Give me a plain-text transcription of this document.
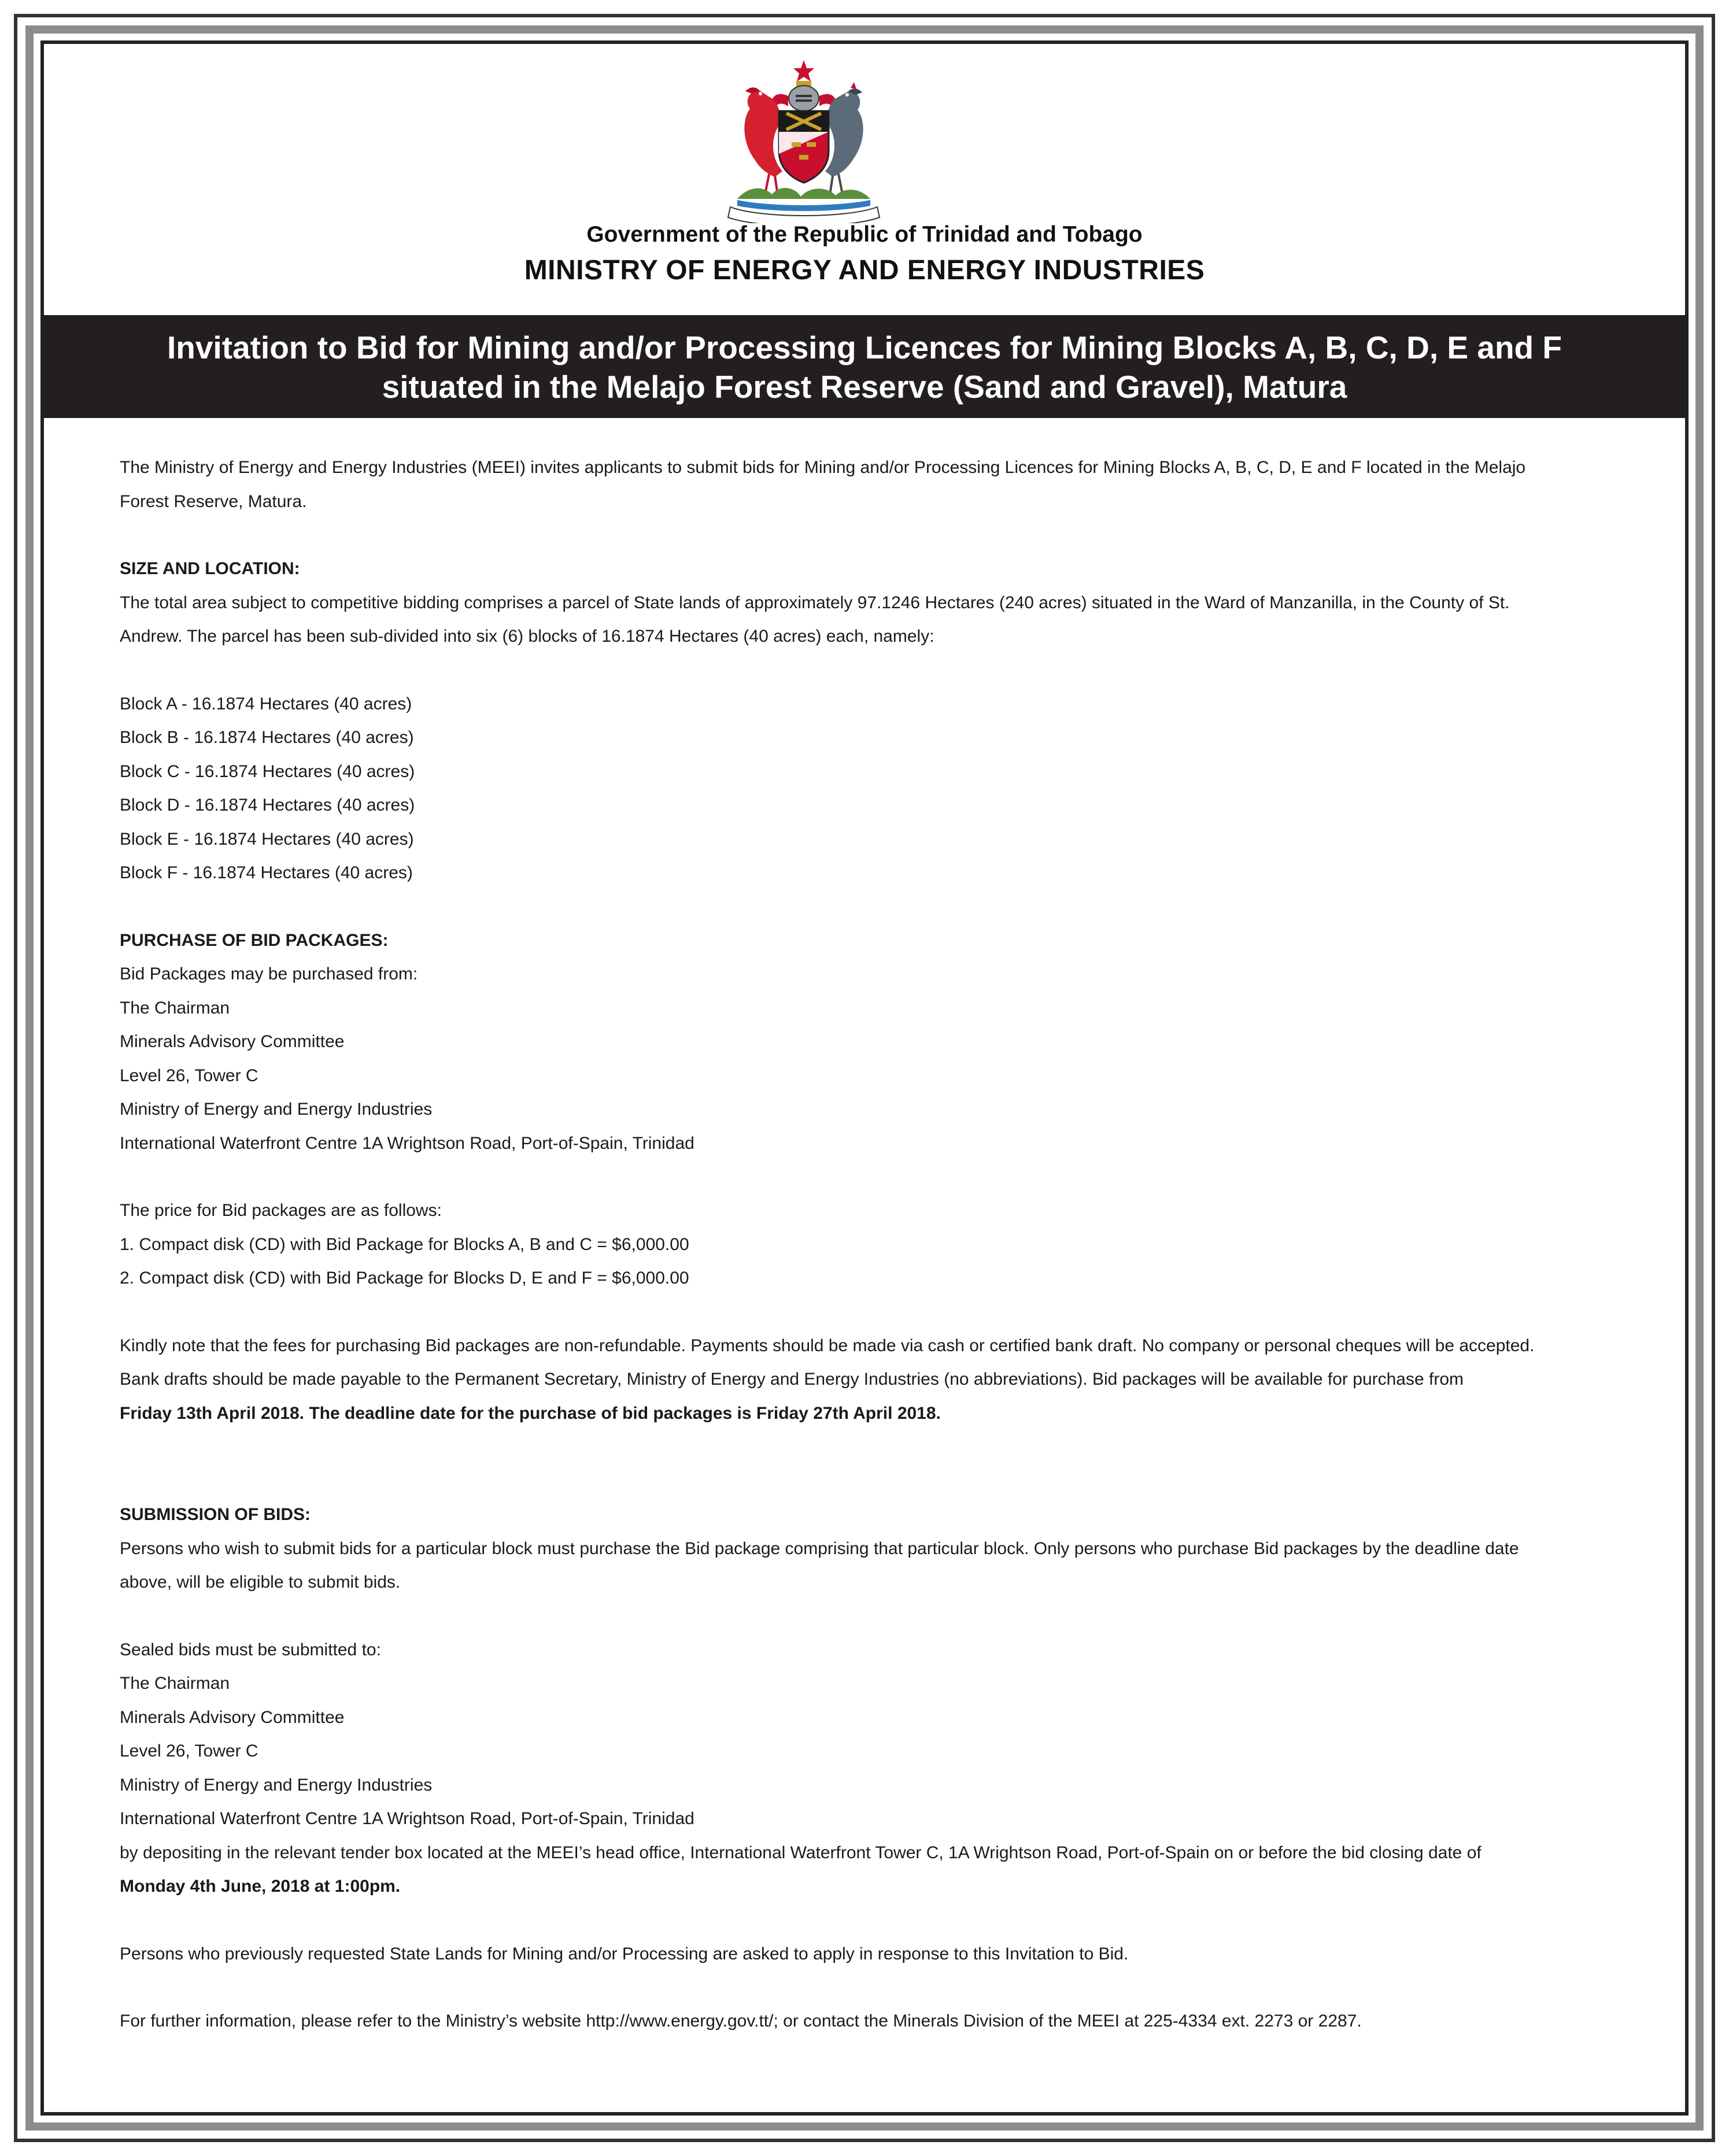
Government of the Republic of Trinidad and Tobago
MINISTRY OF ENERGY AND ENERGY INDUSTRIES
Invitation to Bid for Mining and/or Processing Licences for Mining Blocks A, B, C, D, E and F
situated in the Melajo Forest Reserve (Sand and Gravel), Matura

The Ministry of Energy and Energy Industries (MEEI) invites applicants to submit bids for Mining and/or Processing Licences for Mining Blocks A, B, C, D, E and F located in the Melajo

Forest Reserve, Matura.

SIZE AND LOCATION:

The total area subject to competitive bidding comprises a parcel of State lands of approximately 97.1246 Hectares (240 acres) situated in the Ward of Manzanilla, in the County of St.

Andrew. The parcel has been sub-divided into six (6) blocks of 16.1874 Hectares (40 acres) each, namely:

Block A - 16.1874 Hectares (40 acres)

Block B - 16.1874 Hectares (40 acres)

Block C - 16.1874 Hectares (40 acres)

Block D - 16.1874 Hectares (40 acres)

Block E - 16.1874 Hectares (40 acres)

Block F - 16.1874 Hectares (40 acres)

PURCHASE OF BID PACKAGES:

Bid Packages may be purchased from:

The Chairman

Minerals Advisory Committee

Level 26, Tower C

Ministry of Energy and Energy Industries

International Waterfront Centre 1A Wrightson Road, Port-of-Spain, Trinidad

The price for Bid packages are as follows:

1. Compact disk (CD) with Bid Package for Blocks A, B and C = $6,000.00

2. Compact disk (CD) with Bid Package for Blocks D, E and F = $6,000.00

Kindly note that the fees for purchasing Bid packages are non-refundable. Payments should be made via cash or certified bank draft. No company or personal cheques will be accepted.

Bank drafts should be made payable to the Permanent Secretary, Ministry of Energy and Energy Industries (no abbreviations). Bid packages will be available for purchase from

Friday 13th April 2018. The deadline date for the purchase of bid packages is Friday 27th April 2018.

SUBMISSION OF BIDS:

Persons who wish to submit bids for a particular block must purchase the Bid package comprising that particular block. Only persons who purchase Bid packages by the deadline date

above, will be eligible to submit bids.

Sealed bids must be submitted to:

The Chairman

Minerals Advisory Committee

Level 26, Tower C

Ministry of Energy and Energy Industries

International Waterfront Centre 1A Wrightson Road, Port-of-Spain, Trinidad

by depositing in the relevant tender box located at the MEEI’s head office, International Waterfront Tower C, 1A Wrightson Road, Port-of-Spain on or before the bid closing date of

Monday 4th June, 2018 at 1:00pm.

Persons who previously requested State Lands for Mining and/or Processing are asked to apply in response to this Invitation to Bid.

For further information, please refer to the Ministry’s website http://www.energy.gov.tt/; or contact the Minerals Division of the MEEI at 225-4334 ext. 2273 or 2287.
